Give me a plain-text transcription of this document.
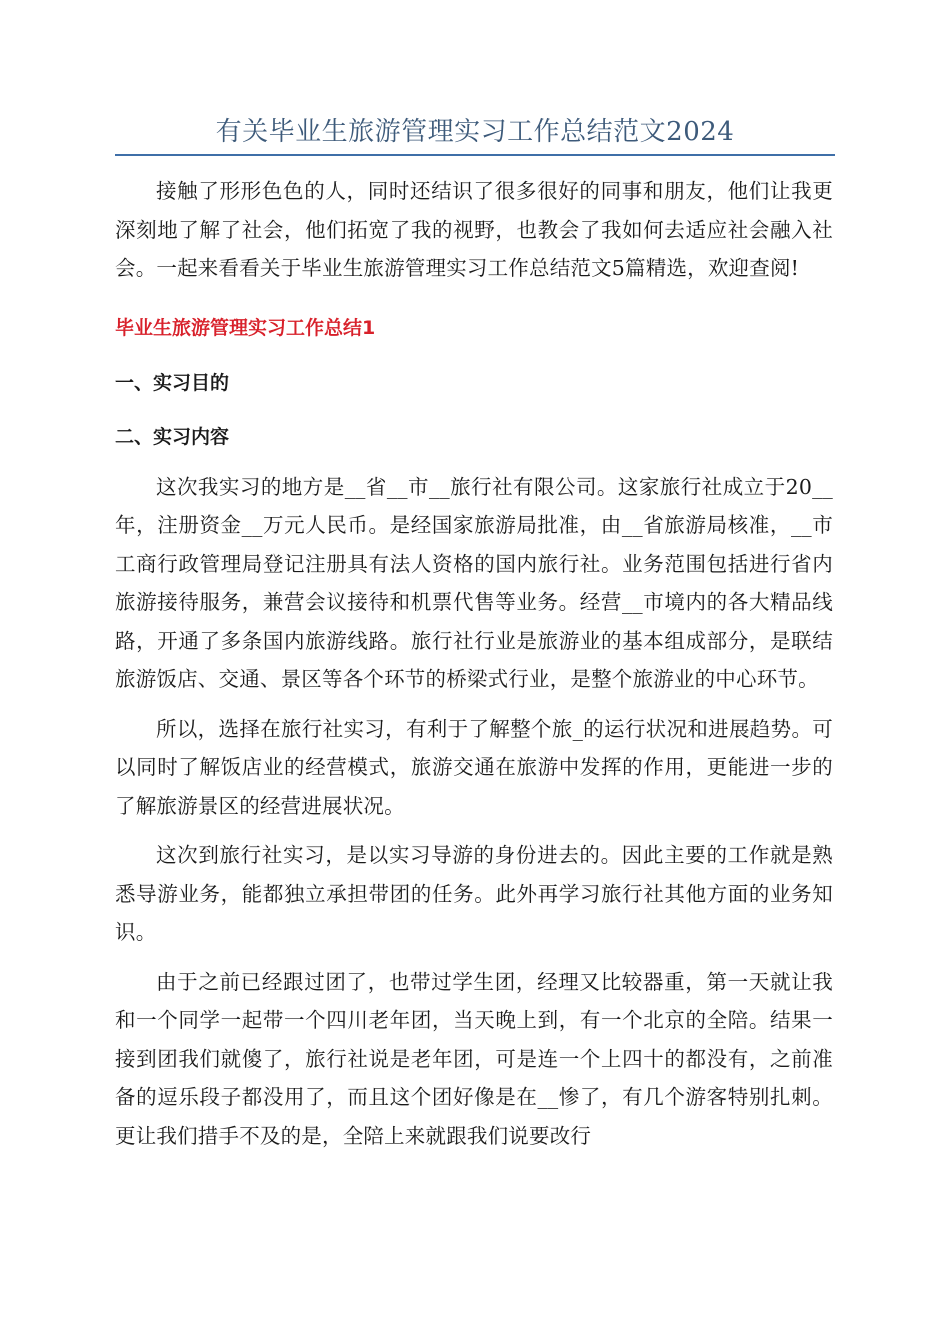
有关毕业生旅游管理实习工作总结范文2024

接触了形形色色的人，同时还结识了很多很好的同事和朋友，他们让我更深刻地了解了社会，他们拓宽了我的视野，也教会了我如何去适应社会融入社会。一起来看看关于毕业生旅游管理实习工作总结范文5篇精选，欢迎查阅!

毕业生旅游管理实习工作总结1
一、实习目的
二、实习内容

这次我实习的地方是__省__市__旅行社有限公司。这家旅行社成立于20__年，注册资金__万元人民币。是经国家旅游局批准，由__省旅游局核准，__市工商行政管理局登记注册具有法人资格的国内旅行社。业务范围包括进行省内旅游接待服务，兼营会议接待和机票代售等业务。经营__市境内的各大精品线路，开通了多条国内旅游线路。旅行社行业是旅游业的基本组成部分，是联结旅游饭店、交通、景区等各个环节的桥梁式行业，是整个旅游业的中心环节。

所以，选择在旅行社实习，有利于了解整个旅_的运行状况和进展趋势。可以同时了解饭店业的经营模式，旅游交通在旅游中发挥的作用，更能进一步的了解旅游景区的经营进展状况。

这次到旅行社实习，是以实习导游的身份进去的。因此主要的工作就是熟悉导游业务，能都独立承担带团的任务。此外再学习旅行社其他方面的业务知识。

由于之前已经跟过团了，也带过学生团，经理又比较器重，第一天就让我和一个同学一起带一个四川老年团，当天晚上到，有一个北京的全陪。结果一接到团我们就傻了，旅行社说是老年团，可是连一个上四十的都没有，之前准备的逗乐段子都没用了，而且这个团好像是在__惨了，有几个游客特别扎刺。更让我们措手不及的是，全陪上来就跟我们说要改行
